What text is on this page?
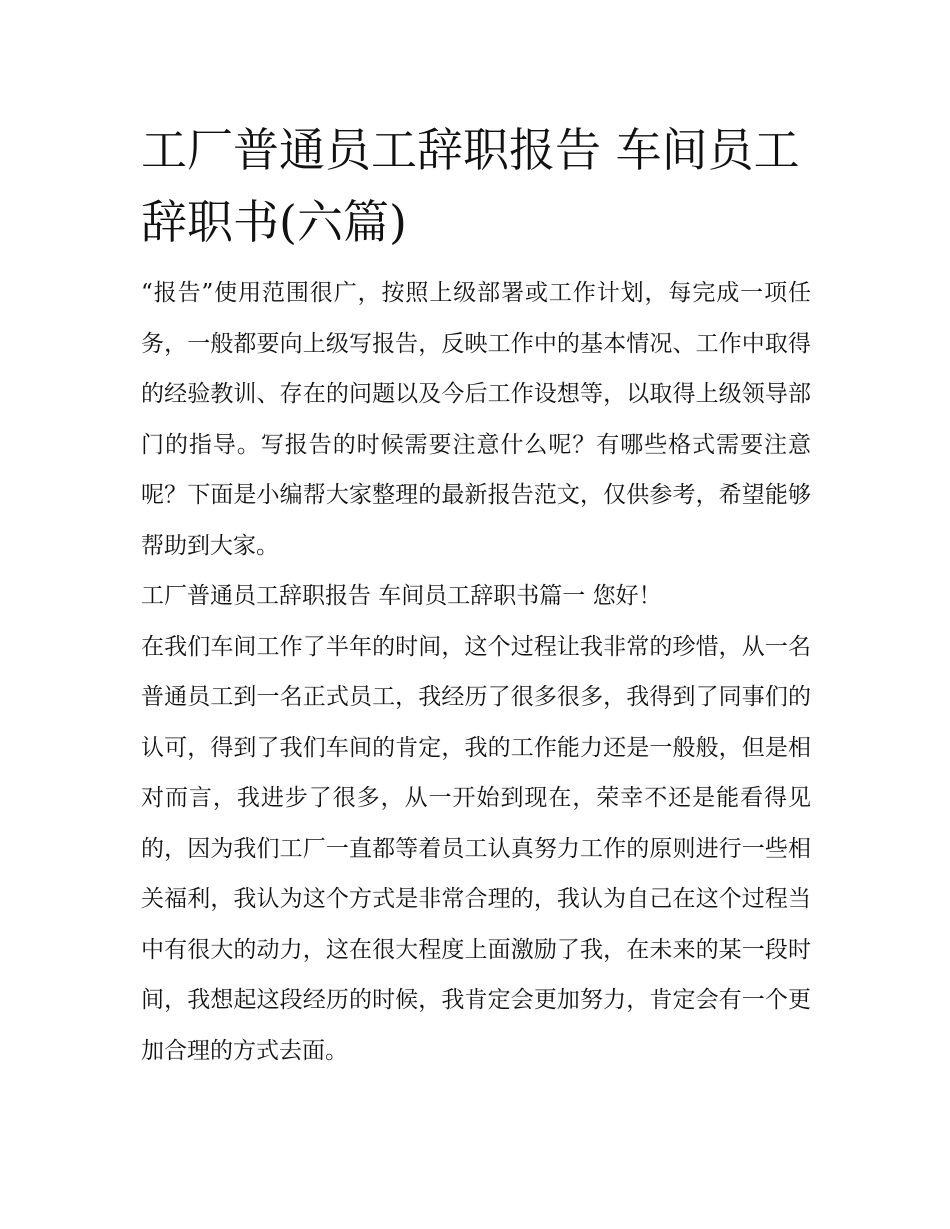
工厂普通员工辞职报告 车间员工辞职书(六篇)

“报告”使用范围很广，按照上级部署或工作计划，每完成一项任务，一般都要向上级写报告，反映工作中的基本情况、工作中取得的经验教训、存在的问题以及今后工作设想等，以取得上级领导部门的指导。写报告的时候需要注意什么呢？有哪些格式需要注意呢？下面是小编帮大家整理的最新报告范文，仅供参考，希望能够帮助到大家。

工厂普通员工辞职报告 车间员工辞职书篇一 您好！

在我们车间工作了半年的时间，这个过程让我非常的珍惜，从一名普通员工到一名正式员工，我经历了很多很多，我得到了同事们的认可，得到了我们车间的肯定，我的工作能力还是一般般，但是相对而言，我进步了很多，从一开始到现在，荣幸不还是能看得见的，因为我们工厂一直都等着员工认真努力工作的原则进行一些相关福利，我认为这个方式是非常合理的，我认为自己在这个过程当中有很大的动力，这在很大程度上面激励了我，在未来的某一段时间，我想起这段经历的时候，我肯定会更加努力，肯定会有一个更加合理的方式去面。
